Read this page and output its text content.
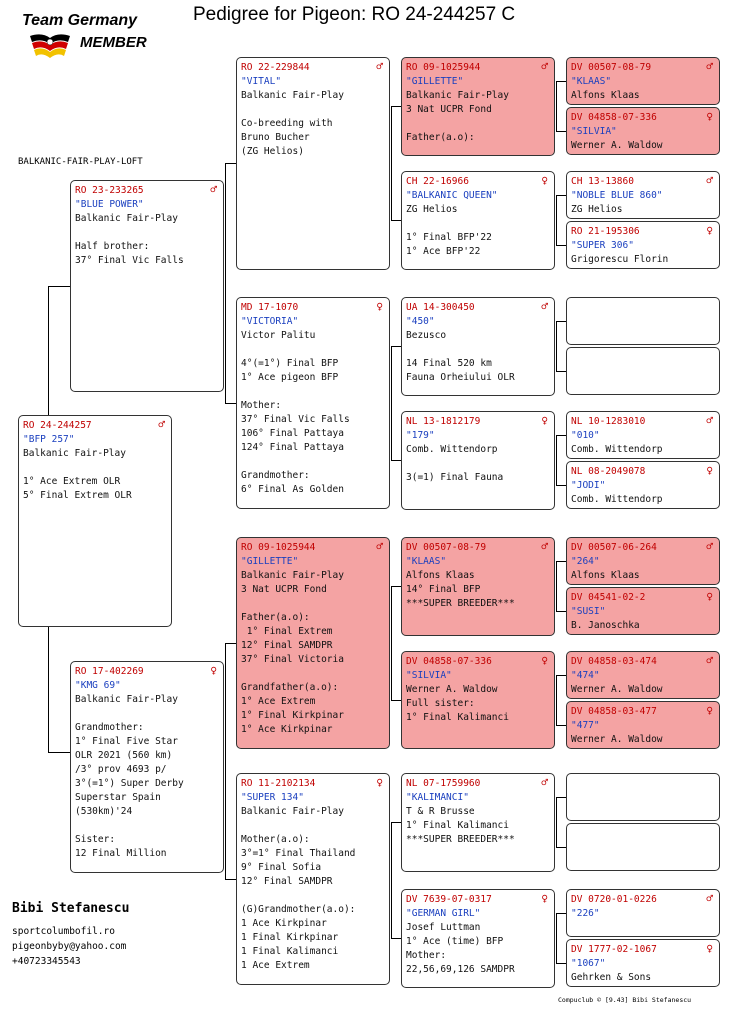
Pedigree for Pigeon: RO 24-244257 C
Team Germany
MEMBER
BALKANIC-FAIR-PLAY-LOFT
RO 24-244257	♂
"BFP 257"
Balkanic Fair-Play
1° Ace Extrem OLR
5° Final Extrem OLR
RO 23-233265	♂
"BLUE POWER"
Balkanic Fair-Play
Half brother:
37° Final Vic Falls
RO 17-402269	♀
"KMG 69"
Balkanic Fair-Play
Grandmother:
1° Final Five Star
OLR 2021 (560 km)
/3° prov 4693 p/
3°(=1°) Super Derby
Superstar Spain
(530km)'24
Sister:
12 Final Million
RO 22-229844	♂
"VITAL"
Balkanic Fair-Play
Co-breeding with
Bruno Bucher
(ZG Helios)
MD 17-1070	♀
"VICTORIA"
Victor Palitu
4°(=1°) Final BFP
1° Ace pigeon BFP
Mother:
37° Final Vic Falls
106° Final Pattaya
124° Final Pattaya
Grandmother:
6° Final As Golden
RO 09-1025944	♂
"GILLETTE"
Balkanic Fair-Play
3 Nat UCPR Fond
Father(a.o):
1° Final Extrem
12° Final SAMDPR
37° Final Victoria
Grandfather(a.o):
1° Ace Extrem
1° Final Kirkpinar
1° Ace Kirkpinar
RO 11-2102134	♀
"SUPER 134"
Balkanic Fair-Play
Mother(a.o):
3°=1° Final Thailand
9° Final Sofia
12° Final SAMDPR
(G)Grandmother(a.o):
1 Ace Kirkpinar
1 Final Kirkpinar
1 Final Kalimanci
1 Ace Extrem
RO 09-1025944	♂
"GILLETTE"
Balkanic Fair-Play
3 Nat UCPR Fond
Father(a.o):
CH 22-16966	♀
"BALKANIC QUEEN"
ZG Helios
1° Final BFP'22
1° Ace BFP'22
UA 14-300450	♂
"450"
Bezusco
14 Final 520 km
Fauna Orheiului OLR
NL 13-1812179	♀
"179"
Comb. Wittendorp
3(=1) Final Fauna
DV 00507-08-79	♂
"KLAAS"
Alfons Klaas
14° Final BFP
***SUPER BREEDER***
DV 04858-07-336	♀
"SILVIA"
Werner A. Waldow
Full sister:
1° Final Kalimanci
NL 07-1759960	♂
"KALIMANCI"
T & R Brusse
1° Final Kalimanci
***SUPER BREEDER***
DV 7639-07-0317	♀
"GERMAN GIRL"
Josef Luttman
1° Ace (time) BFP
Mother:
22,56,69,126 SAMDPR
DV 00507-08-79	♂
"KLAAS"
Alfons Klaas
DV 04858-07-336	♀
"SILVIA"
Werner A. Waldow
CH 13-13860	♂
"NOBLE BLUE 860"
ZG Helios
RO 21-195306	♀
"SUPER 306"
Grigorescu Florin
NL 10-1283010	♂
"010"
Comb. Wittendorp
NL 08-2049078	♀
"JODI"
Comb. Wittendorp
DV 00507-06-264	♂
"264"
Alfons Klaas
DV 04541-02-2	♀
"SUSI"
B. Janoschka
DV 04858-03-474	♂
"474"
Werner A. Waldow
DV 04858-03-477	♀
"477"
Werner A. Waldow
DV 0720-01-0226	♂
"226"
DV 1777-02-1067	♀
"1067"
Gehrken & Sons
Bibi Stefanescu
sportcolumbofil.ro
pigeonbyby@yahoo.com
+40723345543
Compuclub © [9.43] Bibi Stefanescu
